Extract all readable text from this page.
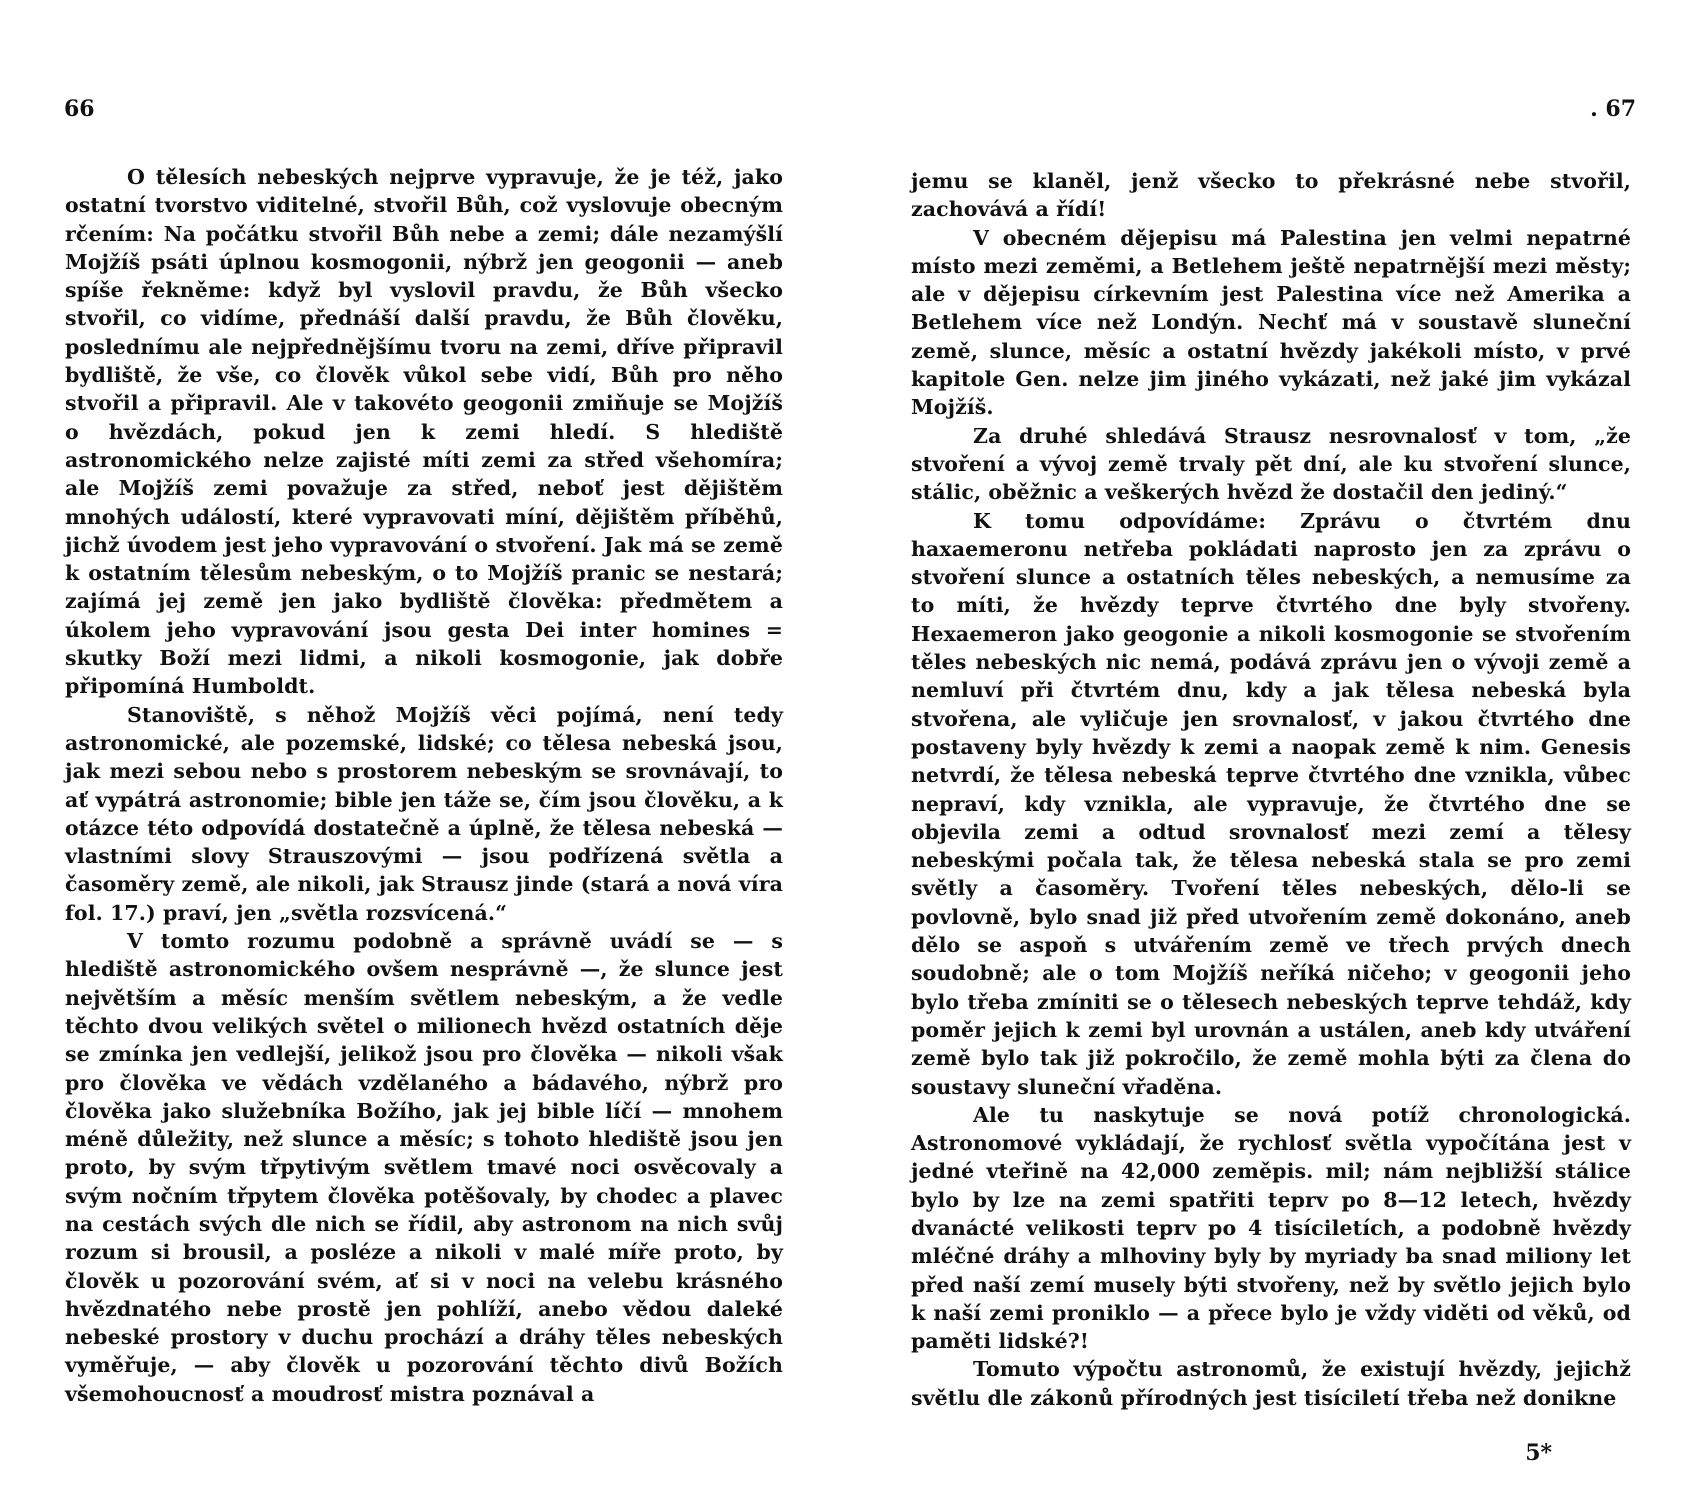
66

O tělesích nebeských nejprve vypravuje, že je též, jako ostatní tvorstvo viditelné, stvořil Bůh, což vyslovuje obecným rčením: Na počátku stvořil Bůh nebe a zemi; dále nezamýšlí Mojžíš psáti úplnou kosmogonii, nýbrž jen geogonii — aneb spíše řekněme: když byl vyslovil pravdu, že Bůh všecko stvořil, co vidíme, přednáší další pravdu, že Bůh člověku, poslednímu ale nejpřednějšímu tvoru na zemi, dříve připravil bydliště, že vše, co člověk vůkol sebe vidí, Bůh pro něho stvořil a připravil. Ale v takovéto geogonii zmiňuje se Mojžíš o hvězdách, pokud jen k zemi hledí. S hlediště astronomického nelze zajisté míti zemi za střed všehomíra; ale Mojžíš zemi považuje za střed, neboť jest dějištěm mnohých událostí, které vypravovati míní, dějištěm příběhů, jichž úvodem jest jeho vypravování o stvoření. Jak má se země k ostatním tělesům nebeským, o to Mojžíš pranic se nestará; zajímá jej země jen jako bydliště člověka: předmětem a úkolem jeho vypravování jsou gesta Dei inter homines = skutky Boží mezi lidmi, a nikoli kosmogonie, jak dobře připomíná Humboldt.

Stanoviště, s něhož Mojžíš věci pojímá, není tedy astronomické, ale pozemské, lidské; co tělesa nebeská jsou, jak mezi sebou nebo s prostorem nebeským se srovnávají, to ať vypátrá astronomie; bible jen táže se, čím jsou člověku, a k otázce této odpovídá dostatečně a úplně, že tělesa nebeská — vlastními slovy Strauszovými — jsou podřízená světla a časoměry země, ale nikoli, jak Strausz jinde (stará a nová víra fol. 17.) praví, jen „světla rozsvícená.“

V tomto rozumu podobně a správně uvádí se — s hlediště astronomického ovšem nesprávně —, že slunce jest největším a měsíc menším světlem nebeským, a že vedle těchto dvou velikých světel o milionech hvězd ostatních děje se zmínka jen vedlejší, jelikož jsou pro člověka — nikoli však pro člověka ve vědách vzdělaného a bádavého, nýbrž pro člověka jako služebníka Božího, jak jej bible líčí — mnohem méně důležity, než slunce a měsíc; s tohoto hlediště jsou jen proto, by svým třpytivým světlem tmavé noci osvěcovaly a svým nočním třpytem člověka potěšovaly, by chodec a plavec na cestách svých dle nich se řídil, aby astronom na nich svůj rozum si brousil, a posléze a nikoli v malé míře proto, by člověk u pozorování svém, ať si v noci na velebu krásného hvězdnatého nebe prostě jen pohlíží, anebo vědou daleké nebeské prostory v duchu prochází a dráhy těles nebeských vyměřuje, — aby člověk u pozorování těchto divů Božích všemohoucnosť a moudrosť mistra poznával a

. 67

jemu se klaněl, jenž všecko to překrásné nebe stvořil, zachovává a řídí!

V obecném dějepisu má Palestina jen velmi nepatrné místo mezi zeměmi, a Betlehem ještě nepatrnější mezi městy; ale v dějepisu církevním jest Palestina více než Amerika a Betlehem více než Londýn. Nechť má v soustavě sluneční země, slunce, měsíc a ostatní hvězdy jakékoli místo, v prvé kapitole Gen. nelze jim jiného vykázati, než jaké jim vykázal Mojžíš.

Za druhé shledává Strausz nesrovnalosť v tom, „že stvoření a vývoj země trvaly pět dní, ale ku stvoření slunce, stálic, oběžnic a veškerých hvězd že dostačil den jediný.“

K tomu odpovídáme: Zprávu o čtvrtém dnu haxaemeronu netřeba pokládati naprosto jen za zprávu o stvoření slunce a ostatních těles nebeských, a nemusíme za to míti, že hvězdy teprve čtvrtého dne byly stvořeny. Hexaemeron jako geogonie a nikoli kosmogonie se stvořením těles nebeských nic nemá, podává zprávu jen o vývoji země a nemluví při čtvrtém dnu, kdy a jak tělesa nebeská byla stvořena, ale vyličuje jen srovnalosť, v jakou čtvrtého dne postaveny byly hvězdy k zemi a naopak země k nim. Genesis netvrdí, že tělesa nebeská teprve čtvrtého dne vznikla, vůbec nepraví, kdy vznikla, ale vypravuje, že čtvrtého dne se objevila zemi a odtud srovnalosť mezi zemí a tělesy nebeskými počala tak, že tělesa nebeská stala se pro zemi světly a časoměry. Tvoření těles nebeských, dělo-li se povlovně, bylo snad již před utvořením země dokonáno, aneb dělo se aspoň s utvářením země ve třech prvých dnech soudobně; ale o tom Mojžíš neříká ničeho; v geogonii jeho bylo třeba zmíniti se o tělesech nebeských teprve tehdáž, kdy poměr jejich k zemi byl urovnán a ustálen, aneb kdy utváření země bylo tak již pokročilo, že země mohla býti za člena do soustavy sluneční vřaděna.

Ale tu naskytuje se nová potíž chronologická. Astronomové vykládají, že rychlosť světla vypočítána jest v jedné vteřině na 42,000 zeměpis. mil; nám nejbližší stálice bylo by lze na zemi spatřiti teprv po 8—12 letech, hvězdy dvanácté velikosti teprv po 4 tisíciletích, a podobně hvězdy mléčné dráhy a mlhoviny byly by myriady ba snad miliony let před naší zemí musely býti stvořeny, než by světlo jejich bylo k naší zemi proniklo — a přece bylo je vždy viděti od věků, od paměti lidské?!

Tomuto výpočtu astronomů, že existují hvězdy, jejichž světlu dle zákonů přírodných jest tisíciletí třeba než donikne

5*
